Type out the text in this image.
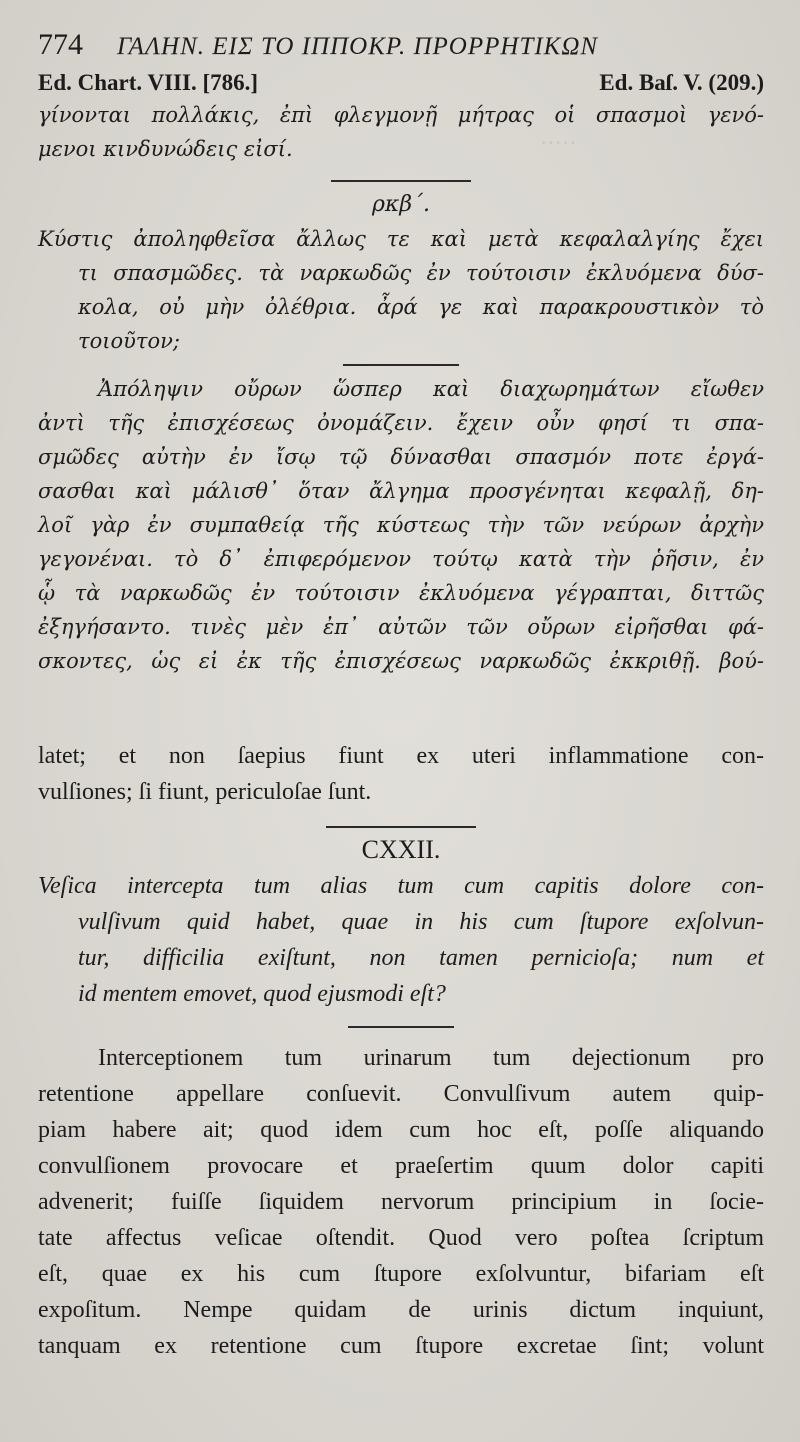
·····
774 ΓΑΛΗΝ. ΕΙΣ ΤΟ ΙΠΠΟΚΡ. ΠΡΟΡΡΗΤΙΚΩΝ
Ed. Chart. VIII. [786.]	Ed. Baſ. V. (209.)
γίνονται πολλάκις, ἐπὶ φλεγμονῇ μήτρας οἱ σπασμοὶ γενό-
μενοι κινδυνώδεις εἰσί.
ρκβ΄.
Κύστις ἀποληφθεῖσα ἄλλως τε καὶ μετὰ κεφαλαλγίης ἔχει
τι σπασμῶδες. τὰ ναρκωδῶς ἐν τούτοισιν ἐκλυόμενα δύσ-
κολα, οὐ μὴν ὀλέθρια. ἆρά γε καὶ παρακρουστικὸν τὸ
τοιοῦτον;
Ἀπόληψιν οὔρων ὥσπερ καὶ διαχωρημάτων εἴωθεν
ἀντὶ τῆς ἐπισχέσεως ὀνομάζειν. ἔχειν οὖν φησί τι σπα-
σμῶδες αὐτὴν ἐν ἴσῳ τῷ δύνασθαι σπασμόν ποτε ἐργά-
σασθαι καὶ μάλισθ᾽ ὅταν ἄλγημα προσγένηται κεφαλῇ, δη-
λοῖ γὰρ ἐν συμπαθείᾳ τῆς κύστεως τὴν τῶν νεύρων ἀρχὴν
γεγονέναι. τὸ δ᾽ ἐπιφερόμενον τούτῳ κατὰ τὴν ῥῆσιν, ἐν
ᾧ τὰ ναρκωδῶς ἐν τούτοισιν ἐκλυόμενα γέγραπται, διττῶς
ἐξηγήσαντο. τινὲς μὲν ἐπ᾽ αὐτῶν τῶν οὔρων εἰρῆσθαι φά-
σκοντες, ὡς εἰ ἐκ τῆς ἐπισχέσεως ναρκωδῶς ἐκκριθῇ. βού-
latet; et non ſaepius fiunt ex uteri inflammatione con-
vulſiones; ſi fiunt, periculoſae ſunt.
CXXII.
Veſica intercepta tum alias tum cum capitis dolore con-
vulſivum quid habet, quae in his cum ſtupore exſolvun-
tur, difficilia exiſtunt, non tamen pernicioſa; num et
id mentem emovet, quod ejusmodi eſt?
Interceptionem tum urinarum tum dejectionum pro
retentione appellare conſuevit. Convulſivum autem quip-
piam habere ait; quod idem cum hoc eſt, poſſe aliquando
convulſionem provocare et praeſertim quum dolor capiti
advenerit; fuiſſe ſiquidem nervorum principium in ſocie-
tate affectus veſicae oſtendit. Quod vero poſtea ſcriptum
eſt, quae ex his cum ſtupore exſolvuntur, bifariam eſt
expoſitum. Nempe quidam de urinis dictum inquiunt,
tanquam ex retentione cum ſtupore excretae ſint; volunt
